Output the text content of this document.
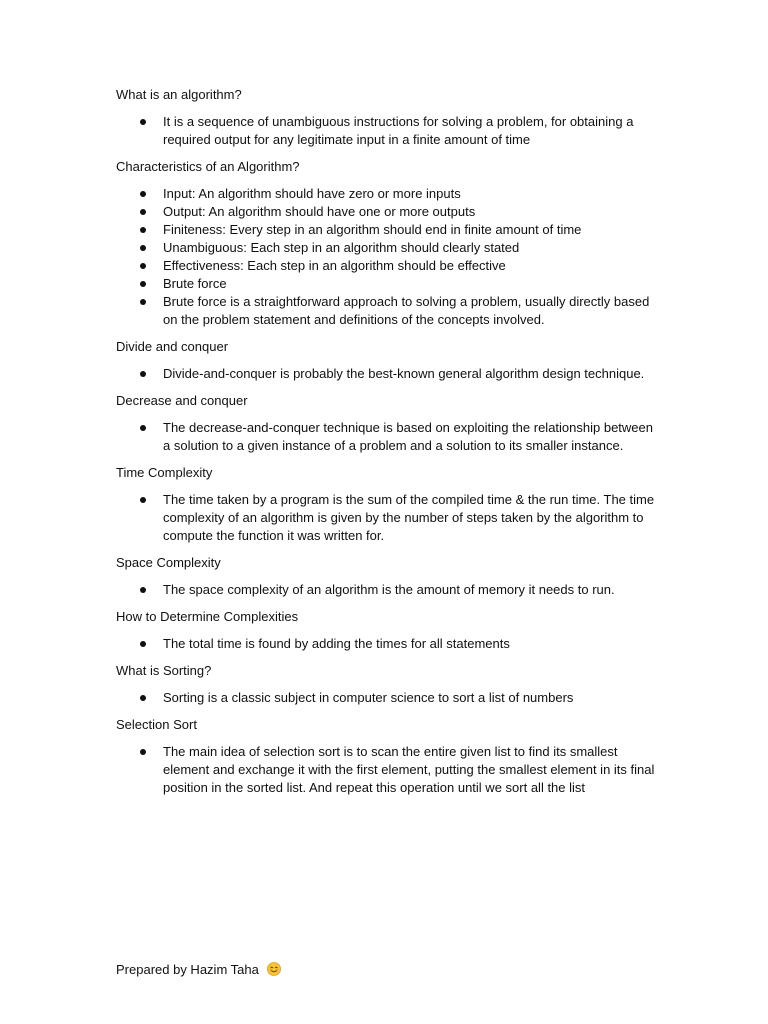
What is an algorithm?

It is a sequence of unambiguous instructions for solving a problem, for obtaining a required output for any legitimate input in a finite amount of time

Characteristics of an Algorithm?

Input: An algorithm should have zero or more inputs
Output: An algorithm should have one or more outputs
Finiteness: Every step in an algorithm should end in finite amount of time
Unambiguous: Each step in an algorithm should clearly stated
Effectiveness: Each step in an algorithm should be effective
Brute force
Brute force is a straightforward approach to solving a problem, usually directly based on the problem statement and definitions of the concepts involved.

Divide and conquer

Divide-and-conquer is probably the best-known general algorithm design technique.

Decrease and conquer

The decrease-and-conquer technique is based on exploiting the relationship between a solution to a given instance of a problem and a solution to its smaller instance.

Time Complexity

The time taken by a program is the sum of the compiled time & the run time. The time complexity of an algorithm is given by the number of steps taken by the algorithm to compute the function it was written for.

Space Complexity

The space complexity of an algorithm is the amount of memory it needs to run.

How to Determine Complexities

The total time is found by adding the times for all statements

What is Sorting?

Sorting is a classic subject in computer science to sort a list of numbers

Selection Sort

The main idea of selection sort is to scan the entire given list to find its smallest element and exchange it with the first element, putting the smallest element in its final position in the sorted list. And repeat this operation until we sort all the list
Prepared by Hazim Taha
